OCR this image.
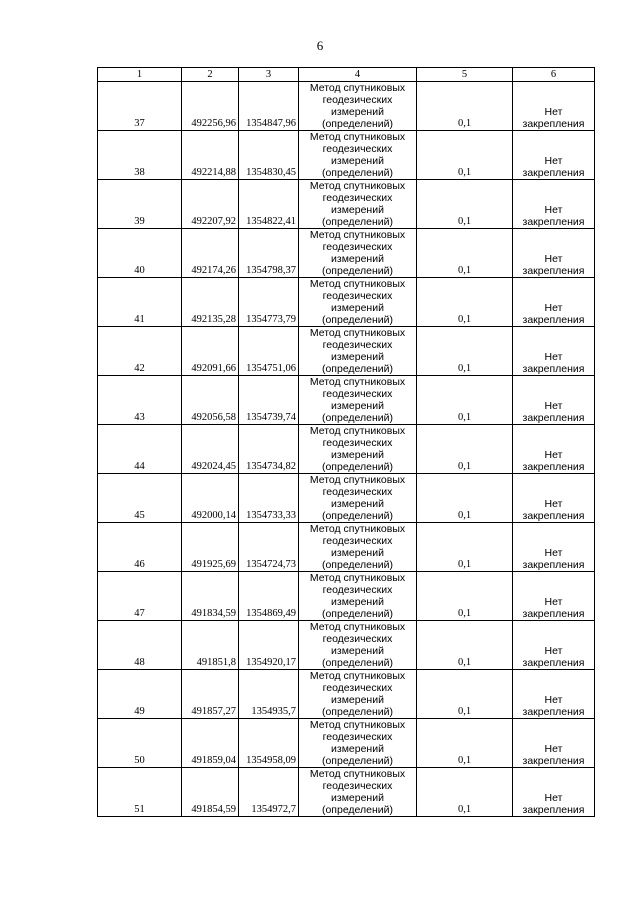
6
1	2	3	4	5	6
37	492256,96	1354847,96	Метод спутниковых
геодезических
измерений
(определений)	0,1	Нет
закрепления

38	492214,88	1354830,45	Метод спутниковых
геодезических
измерений
(определений)	0,1	Нет
закрепления

39	492207,92	1354822,41	Метод спутниковых
геодезических
измерений
(определений)	0,1	Нет
закрепления

40	492174,26	1354798,37	Метод спутниковых
геодезических
измерений
(определений)	0,1	Нет
закрепления

41	492135,28	1354773,79	Метод спутниковых
геодезических
измерений
(определений)	0,1	Нет
закрепления

42	492091,66	1354751,06	Метод спутниковых
геодезических
измерений
(определений)	0,1	Нет
закрепления

43	492056,58	1354739,74	Метод спутниковых
геодезических
измерений
(определений)	0,1	Нет
закрепления

44	492024,45	1354734,82	Метод спутниковых
геодезических
измерений
(определений)	0,1	Нет
закрепления

45	492000,14	1354733,33	Метод спутниковых
геодезических
измерений
(определений)	0,1	Нет
закрепления

46	491925,69	1354724,73	Метод спутниковых
геодезических
измерений
(определений)	0,1	Нет
закрепления

47	491834,59	1354869,49	Метод спутниковых
геодезических
измерений
(определений)	0,1	Нет
закрепления

48	491851,8	1354920,17	Метод спутниковых
геодезических
измерений
(определений)	0,1	Нет
закрепления

49	491857,27	1354935,7	Метод спутниковых
геодезических
измерений
(определений)	0,1	Нет
закрепления

50	491859,04	1354958,09	Метод спутниковых
геодезических
измерений
(определений)	0,1	Нет
закрепления

51	491854,59	1354972,7	Метод спутниковых
геодезических
измерений
(определений)	0,1	Нет
закрепления
